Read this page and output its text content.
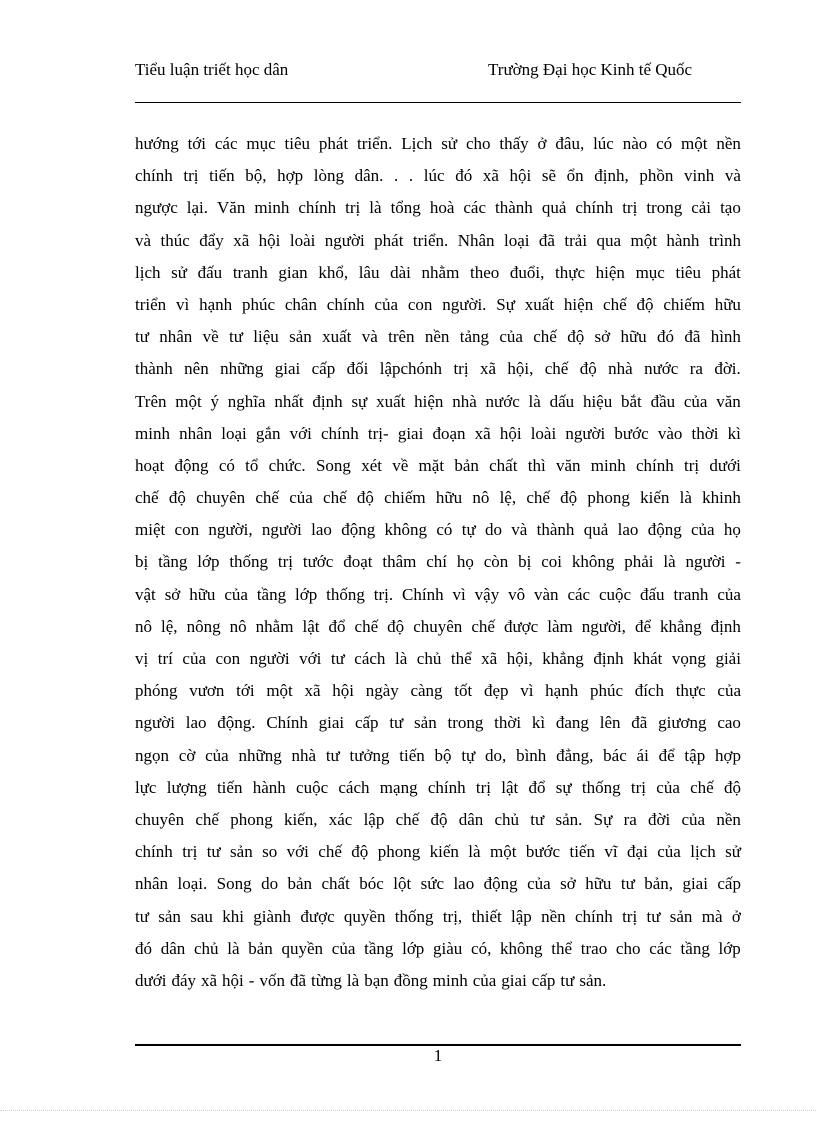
Tiểu luận triết học dân	Trường Đại học Kinh tế Quốc
hướng tới các mục tiêu phát triển. Lịch sử cho thấy ở đâu, lúc nào có một nền
chính trị tiến bộ, hợp lòng dân. . . lúc đó xã hội sẽ ổn định, phồn vinh và
ngược lại. Văn minh chính trị là tổng hoà các thành quả chính trị trong cải tạo
và thúc đẩy xã hội loài người phát triển. Nhân loại đã trải qua một hành trình
lịch sử đấu tranh gian khổ, lâu dài nhằm theo đuổi, thực hiện mục tiêu phát
triển vì hạnh phúc chân chính của con người. Sự xuất hiện chế độ chiếm hữu
tư nhân về tư liệu sản xuất và trên nền tảng của chế độ sở hữu đó đã hình
thành nên những giai cấp đối lậpchónh trị xã hội, chế độ nhà nước ra đời.
Trên một ý nghĩa nhất định sự xuất hiện nhà nước là dấu hiệu bắt đầu của văn
minh nhân loại gắn với chính trị- giai đoạn xã hội loài người bước vào thời kì
hoạt động có tổ chức. Song xét về mặt bản chất thì văn minh chính trị dưới
chế độ chuyên chế của chế độ chiếm hữu nô lệ, chế độ phong kiến là khinh
miệt con người, người lao động không có tự do và thành quả lao động của họ
bị tầng lớp thống trị tước đoạt thâm chí họ còn bị coi không phải là người -
vật sở hữu của tầng lớp thống trị. Chính vì vậy vô vàn các cuộc đấu tranh của
nô lệ, nông nô nhằm lật đổ chế độ chuyên chế được làm người, để khẳng định
vị trí của con người với tư cách là chủ thể xã hội, khẳng định khát vọng giải
phóng vươn tới một xã hội ngày càng tốt đẹp vì hạnh phúc đích thực của
người lao động. Chính giai cấp tư sản trong thời kì đang lên đã giương cao
ngọn cờ của những nhà tư tưởng tiến bộ tự do, bình đẳng, bác ái để tập hợp
lực lượng tiến hành cuộc cách mạng chính trị lật đổ sự thống trị của chế độ
chuyên chế phong kiến, xác lập chế độ dân chủ tư sản. Sự ra đời của nền
chính trị tư sản so với chế độ phong kiến là một bước tiến vĩ đại của lịch sử
nhân loại. Song do bản chất bóc lột sức lao động của sở hữu tư bản, giai cấp
tư sản sau khi giành được quyền thống trị, thiết lập nền chính trị tư sản mà ở
đó dân chủ là bản quyền của tầng lớp giàu có, không thể trao cho các tầng lớp
dưới đáy xã hội - vốn đã từng là bạn đồng minh của giai cấp tư sản.
1
